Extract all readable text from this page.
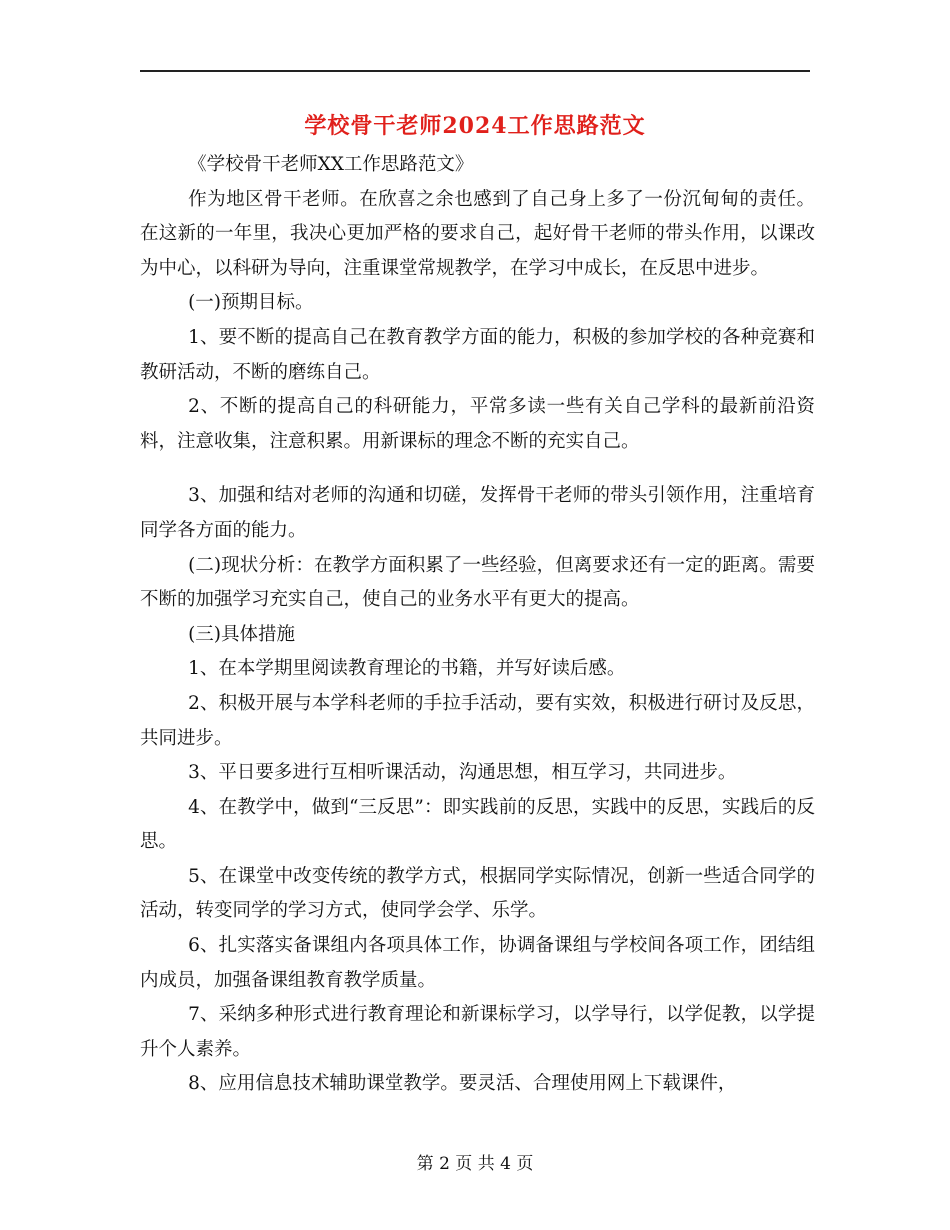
学校骨干老师2024工作思路范文

《学校骨干老师XX工作思路范文》

作为地区骨干老师。在欣喜之余也感到了自己身上多了一份沉甸甸的责任。在这新的一年里，我决心更加严格的要求自己，起好骨干老师的带头作用，以课改为中心，以科研为导向，注重课堂常规教学，在学习中成长，在反思中进步。

(一)预期目标。

1、要不断的提高自己在教育教学方面的能力，积极的参加学校的各种竞赛和教研活动，不断的磨练自己。

2、不断的提高自己的科研能力，平常多读一些有关自己学科的最新前沿资料，注意收集，注意积累。用新课标的理念不断的充实自己。

3、加强和结对老师的沟通和切磋，发挥骨干老师的带头引领作用，注重培育同学各方面的能力。

(二)现状分析：在教学方面积累了一些经验，但离要求还有一定的距离。需要不断的加强学习充实自己，使自己的业务水平有更大的提高。

(三)具体措施

1、在本学期里阅读教育理论的书籍，并写好读后感。

2、积极开展与本学科老师的手拉手活动，要有实效，积极进行研讨及反思，共同进步。

3、平日要多进行互相听课活动，沟通思想，相互学习，共同进步。

4、在教学中，做到“三反思”：即实践前的反思，实践中的反思，实践后的反思。

5、在课堂中改变传统的教学方式，根据同学实际情况，创新一些适合同学的活动，转变同学的学习方式，使同学会学、乐学。

6、扎实落实备课组内各项具体工作，协调备课组与学校间各项工作，团结组内成员，加强备课组教育教学质量。

7、采纳多种形式进行教育理论和新课标学习，以学导行，以学促教，以学提升个人素养。

8、应用信息技术辅助课堂教学。要灵活、合理使用网上下载课件，

第 2 页 共 4 页
